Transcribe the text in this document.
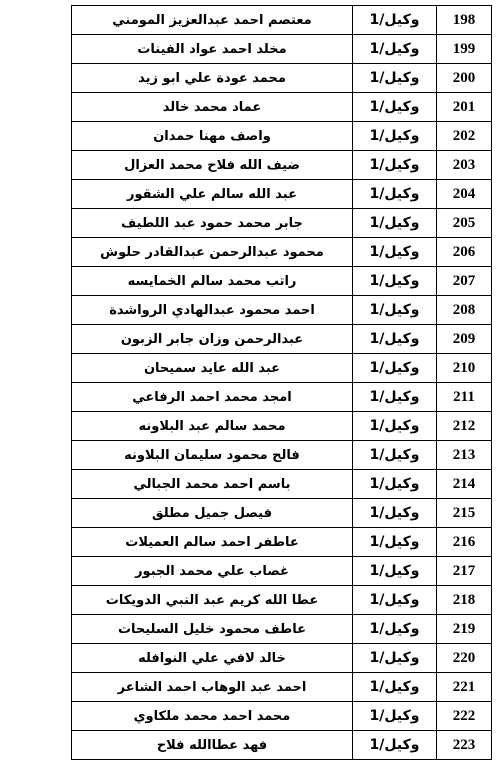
198	وكيل/1	معتصم احمد عبدالعزيز المومني
199	وكيل/1	مخلد احمد عواد الفينات
200	وكيل/1	محمد عودة علي ابو زيد
201	وكيل/1	عماد محمد خالد
202	وكيل/1	واصف مهنا حمدان
203	وكيل/1	ضيف الله فلاح محمد العزال
204	وكيل/1	عبد الله سالم علي الشقور
205	وكيل/1	جابر محمد حمود عبد اللطيف
206	وكيل/1	محمود عبدالرحمن عبدالقادر حلوش
207	وكيل/1	راتب محمد سالم الخمايسه
208	وكيل/1	احمد محمود عبدالهادي الرواشدة
209	وكيل/1	عبدالرحمن وزان جابر الزبون
210	وكيل/1	عبد الله عايد سميحان
211	وكيل/1	امجد محمد احمد الرفاعي
212	وكيل/1	محمد سالم عبد البلاونه
213	وكيل/1	فالح محمود سليمان البلاونه
214	وكيل/1	باسم احمد محمد الجبالي
215	وكيل/1	فيصل جميل مطلق
216	وكيل/1	عاطفر احمد سالم العميلات
217	وكيل/1	غصاب علي محمد الجبور
218	وكيل/1	عطا الله كريم عبد النبي الدويكات
219	وكيل/1	عاطف محمود خليل السليحات
220	وكيل/1	خالد لافي علي النوافله
221	وكيل/1	احمد عبد الوهاب احمد الشاعر
222	وكيل/1	محمد احمد محمد ملكاوي
223	وكيل/1	فهد عطاالله فلاح
